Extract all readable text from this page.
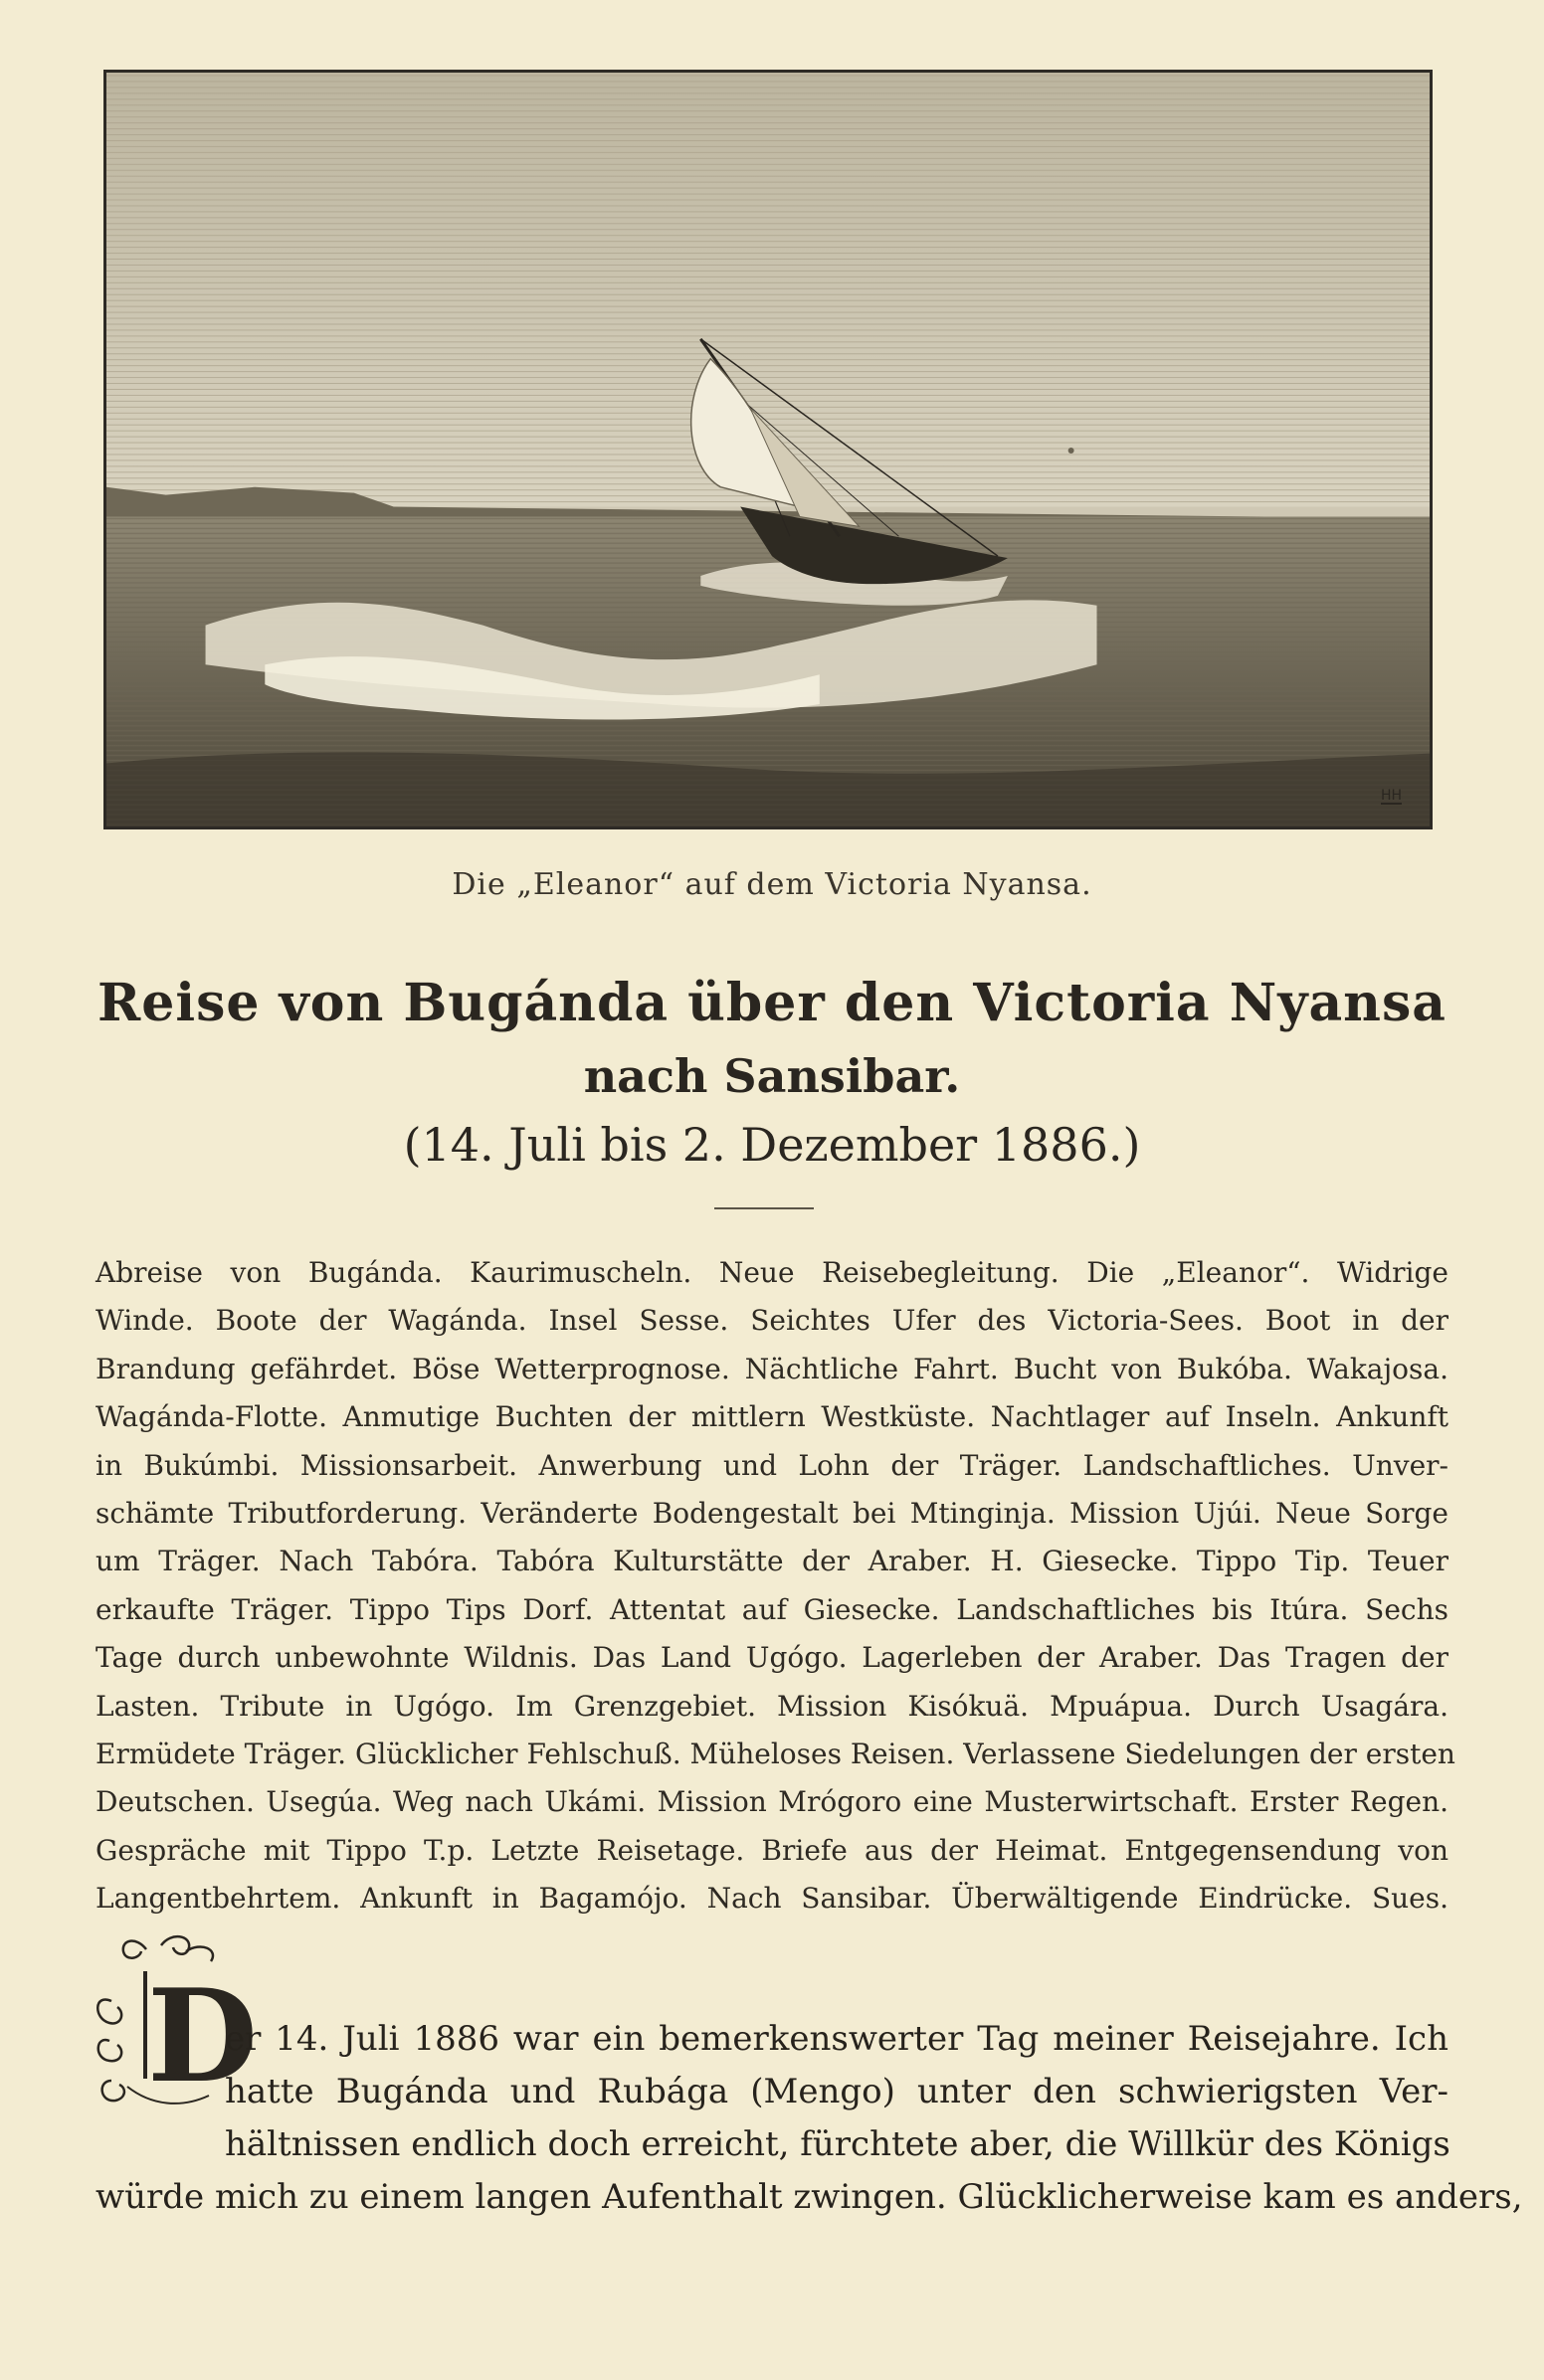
HH
Die „Eleanor“ auf dem Victoria Nyansa.
Reise von Bugánda über den Victoria Nyansa
nach Sansibar.
(14. Juli bis 2. Dezember 1886.)
Abreise von Bugánda. Kaurimuscheln. Neue Reisebegleitung. Die „Eleanor“. Widrige
Winde. Boote der Wagánda. Insel Sesse. Seichtes Ufer des Victoria-Sees. Boot in der
Brandung gefährdet. Böse Wetterprognose. Nächtliche Fahrt. Bucht von Bukóba. Wakajosa.
Wagánda-Flotte. Anmutige Buchten der mittlern Westküste. Nachtlager auf Inseln. Ankunft
in Bukúmbi. Missionsarbeit. Anwerbung und Lohn der Träger. Landschaftliches. Unver-
schämte Tributforderung. Veränderte Bodengestalt bei Mtinginja. Mission Ujúi. Neue Sorge
um Träger. Nach Tabóra. Tabóra Kulturstätte der Araber. H. Giesecke. Tippo Tip. Teuer
erkaufte Träger. Tippo Tips Dorf. Attentat auf Giesecke. Landschaftliches bis Itúra. Sechs
Tage durch unbewohnte Wildnis. Das Land Ugógo. Lagerleben der Araber. Das Tragen der
Lasten. Tribute in Ugógo. Im Grenzgebiet. Mission Kisókuä. Mpuápua. Durch Usagára.
Ermüdete Träger. Glücklicher Fehlschuß. Müheloses Reisen. Verlassene Siedelungen der ersten
Deutschen. Usegúa. Weg nach Ukámi. Mission Mrógoro eine Musterwirtschaft. Erster Regen.
Gespräche mit Tippo T.p. Letzte Reisetage. Briefe aus der Heimat. Entgegensendung von
Langentbehrtem. Ankunft in Bagamójo. Nach Sansibar. Überwältigende Eindrücke. Sues.
D
er 14. Juli 1886 war ein bemerkenswerter Tag meiner Reisejahre. Ich
hatte Bugánda und Rubága (Mengo) unter den schwierigsten Ver-
hältnissen endlich doch erreicht, fürchtete aber, die Willkür des Königs
würde mich zu einem langen Aufenthalt zwingen. Glücklicherweise kam es anders,
